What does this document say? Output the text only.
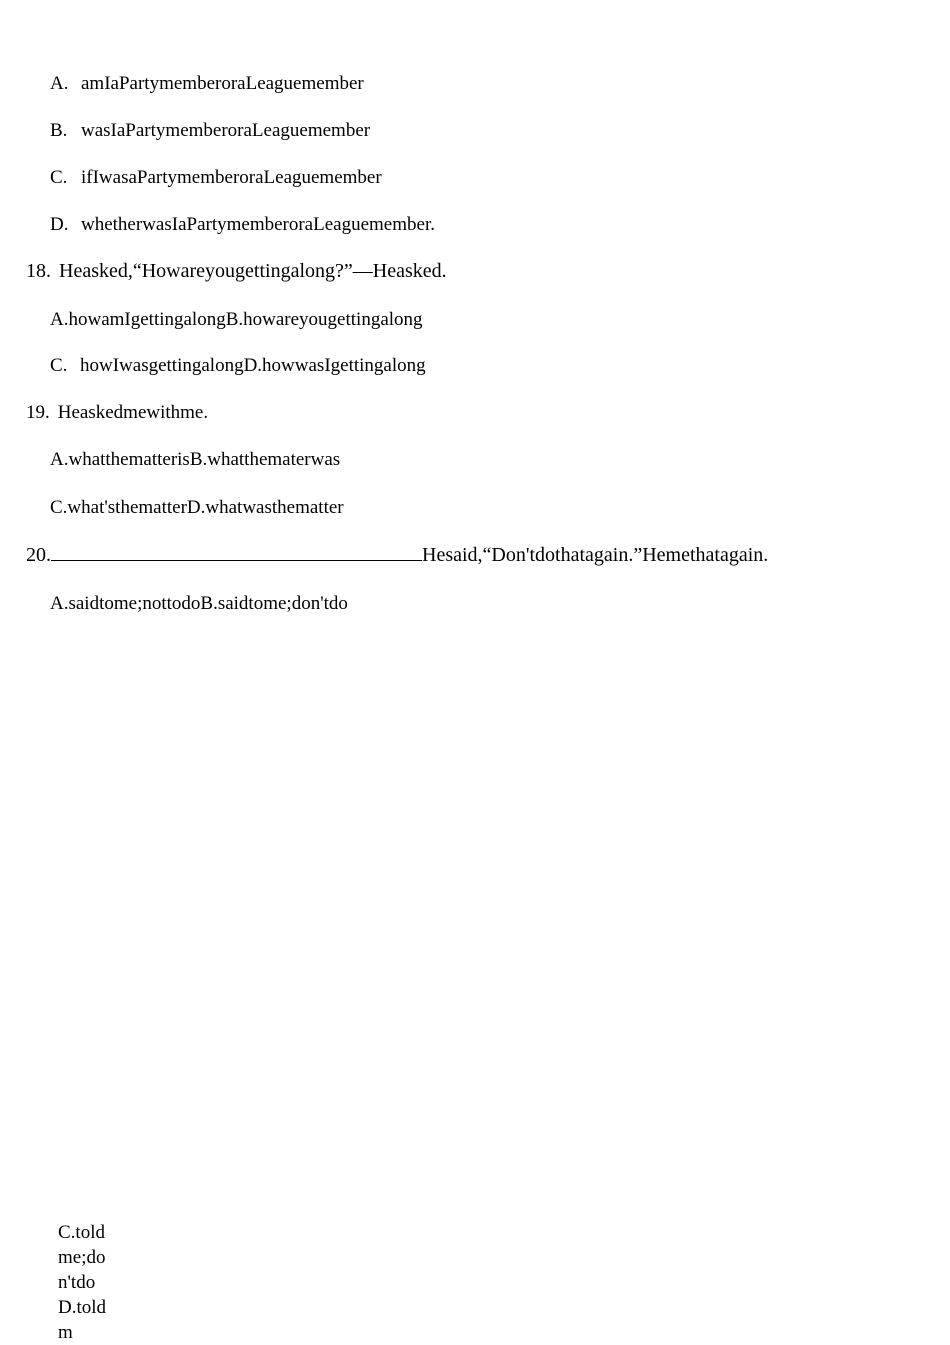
A. amIaPartymemberoraLeaguemember
B. wasIaPartymemberoraLeaguemember
C. ifIwasaPartymemberoraLeaguemember
D. whetherwasIaPartymemberoraLeaguemember.
18. Heasked,“Howareyougettingalong?”—Heasked.
A.howamIgettingalongB.howareyougettingalong
C. howIwasgettingalongD.howwasIgettingalong
19. Heaskedmewithme.
A.whatthematterisB.whatthematerwas
C.what'sthematterD.whatwasthematter
20.	Hesaid,“Don'tdothatagain.”Hemethatagain.
A.saidtome;nottodoB.saidtome;don'tdo
C.toldme;don'tdoD.toldm
